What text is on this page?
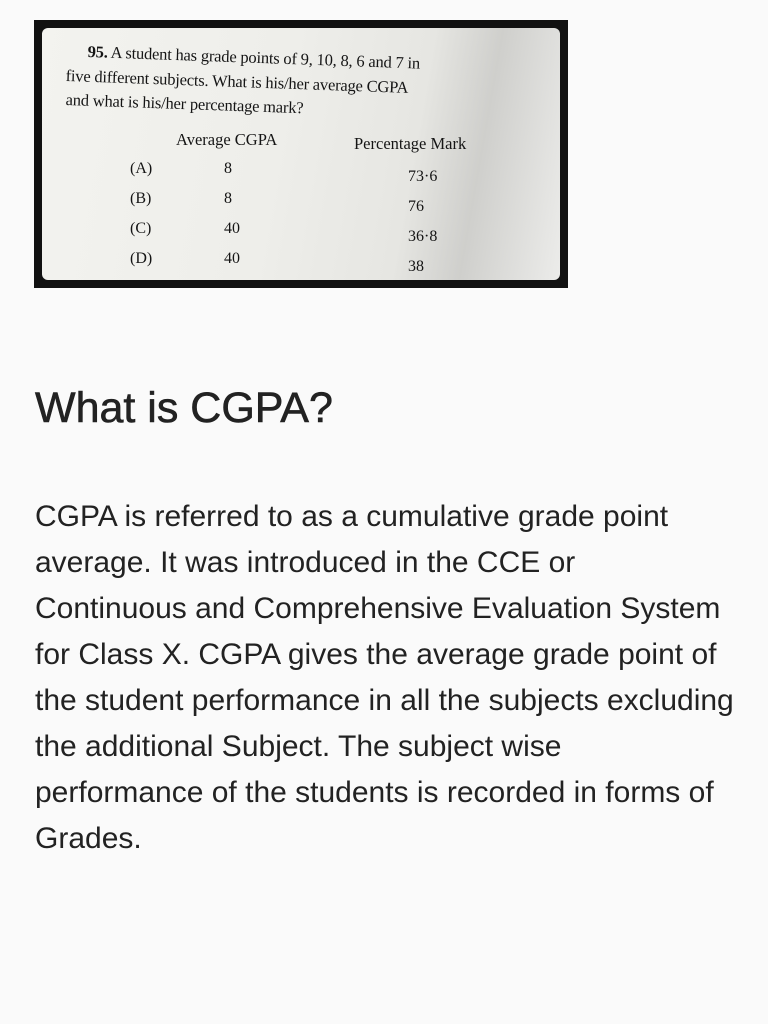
95. A student has grade points of 9, 10, 8, 6 and 7 in
five different subjects. What is his/her average CGPA
and what is his/her percentage mark?
Average CGPA	Percentage Mark
(A)	8	73·6
(B)	8	76
(C)	40	36·8
(D)	40	38
What is CGPA?

CGPA is referred to as a cumulative grade point average. It was introduced in the CCE or Continuous and Comprehensive Evaluation System for Class X. CGPA gives the average grade point of the student performance in all the subjects excluding the additional Subject. The subject wise performance of the students is recorded in forms of Grades.
